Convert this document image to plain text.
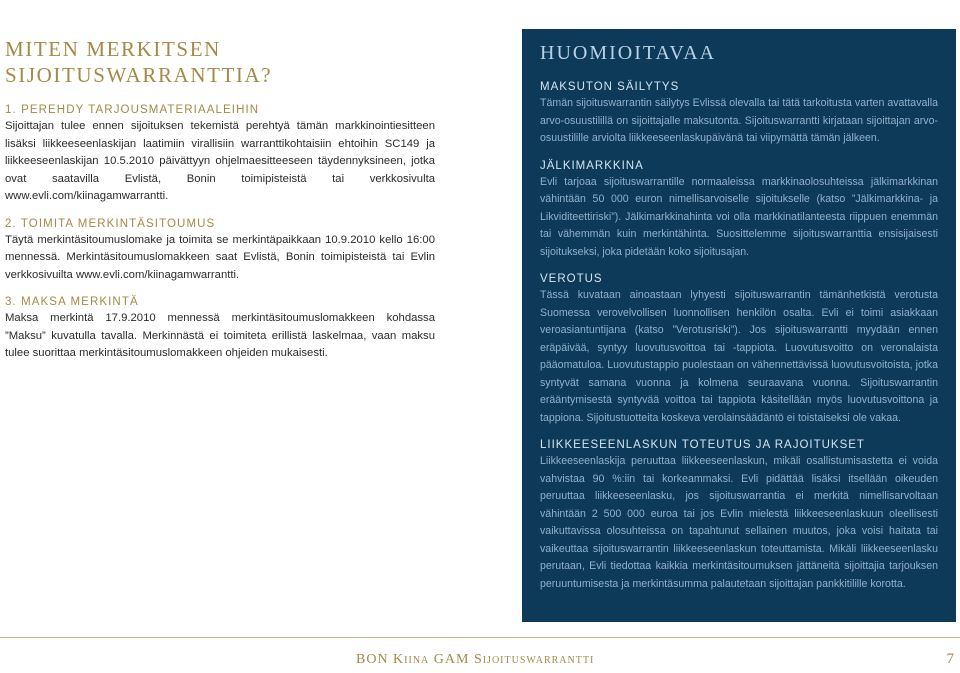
MITEN MERKITSEN SIJOITUSWARRANTTIA?
1. PEREHDY TARJOUSMATERIAALEIHIN

Sijoittajan tulee ennen sijoituksen tekemistä perehtyä tämän markkinointiesitteen lisäksi liikkeeseenlaskijan laatimiin virallisiin warranttikohtaisiin ehtoihin SC149 ja liikkeeseenlaskijan 10.5.2010 päivättyyn ohjelmaesitteeseen täydennyksineen, jotka ovat saatavilla Evlistä, Bonin toimipisteistä tai verkkosivulta www.evli.com/kiinagamwarrantti.

2. TOIMITA MERKINTÄSITOUMUS

Täytä merkintäsitoumuslomake ja toimita se merkintäpaikkaan 10.9.2010 kello 16:00 mennessä. Merkintäsitoumuslomakkeen saat Evlistä, Bonin toimipisteistä tai Evlin verkkosivuilta www.evli.com/kiinagamwarrantti.

3. MAKSA MERKINTÄ

Maksa merkintä 17.9.2010 mennessä merkintäsitoumuslomakkeen kohdassa ”Maksu” kuvatulla tavalla. Merkinnästä ei toimiteta erillistä laskelmaa, vaan maksu tulee suorittaa merkintäsitoumuslomakkeen ohjeiden mukaisesti.

HUOMIOITAVAA
MAKSUTON SÄILYTYS

Tämän sijoituswarrantin säilytys Evlissä olevalla tai tätä tarkoitusta varten avattavalla arvo-osuustilillä on sijoittajalle maksutonta. Sijoituswarrantti kirjataan sijoittajan arvo-osuustilille arviolta liikkeeseenlaskupäivänä tai viipymättä tämän jälkeen.

JÄLKIMARKKINA

Evli tarjoaa sijoituswarrantille normaaleissa markkinaolosuhteissa jälkimarkkinan vähintään 50 000 euron nimellisarvoiselle sijoitukselle (katso ”Jälkimarkkina- ja Likviditeettiriski”). Jälkimarkkinahinta voi olla markkinatilanteesta riippuen enemmän tai vähemmän kuin merkintähinta. Suosittelemme sijoituswarranttia ensisijaisesti sijoitukseksi, joka pidetään koko sijoitusajan.

VEROTUS

Tässä kuvataan ainoastaan lyhyesti sijoituswarrantin tämänhetkistä verotusta Suomessa verovelvollisen luonnollisen henkilön osalta. Evli ei toimi asiakkaan veroasiantuntijana (katso ”Verotusriski”). Jos sijoituswarrantti myydään ennen eräpäivää, syntyy luovutusvoittoa tai -tappiota. Luovutusvoitto on veronalaista pääomatuloa. Luovutustappio puolestaan on vähennettävissä luovutusvoitoista, jotka syntyvät samana vuonna ja kolmena seuraavana vuonna. Sijoituswarrantin erääntymisestä syntyvää voittoa tai tappiota käsitellään myös luovutusvoittona ja tappiona. Sijoitustuotteita koskeva verolainsäädäntö ei toistaiseksi ole vakaa.

LIIKKEESEENLASKUN TOTEUTUS JA RAJOITUKSET

Liikkeeseenlaskija peruuttaa liikkeeseenlaskun, mikäli osallistumisastetta ei voida vahvistaa 90 %:iin tai korkeammaksi. Evli pidättää lisäksi itsellään oikeuden peruuttaa liikkeeseenlasku, jos sijoituswarrantia ei merkitä nimellisarvoltaan vähintään 2 500 000 euroa tai jos Evlin mielestä liikkeeseenlaskuun oleellisesti vaikuttavissa olosuhteissa on tapahtunut sellainen muutos, joka voisi haitata tai vaikeuttaa sijoituswarrantin liikkeeseenlaskun toteuttamista. Mikäli liikkeeseenlasku perutaan, Evli tiedottaa kaikkia merkintäsitoumuksen jättäneitä sijoittajia tarjouksen peruuntumisesta ja merkintäsumma palautetaan sijoittajan pankkitilille korotta.

BON Kiina GAM Sijoituswarrantti	7
